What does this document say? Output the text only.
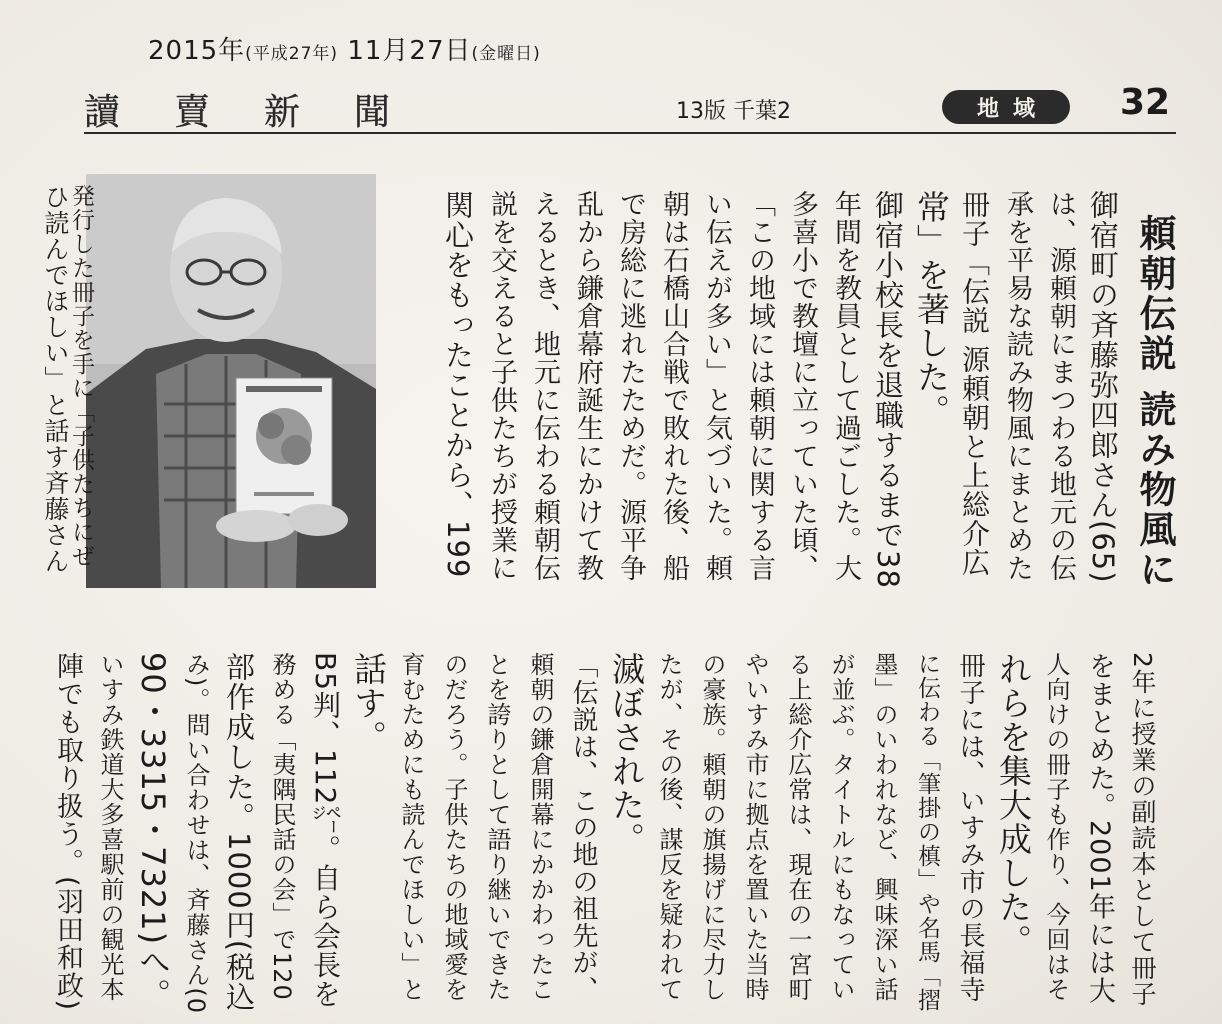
2015年(平成27年) 11月27日(金曜日)
讀賣新聞	13版 千葉2	地域 32
ひ読んでほしい」と話す斉藤さん
発行した冊子を手に「子供たちにぜ	頼朝伝説 読み物風に
御宿町の斉藤弥四郎さん(65)
は、源頼朝にまつわる地元の伝
承を平易な読み物風にまとめた
冊子「伝説 源頼朝と上総介広
常」を著した。
御宿小校長を退職するまで38
年間を教員として過ごした。大
多喜小で教壇に立っていた頃、
「この地域には頼朝に関する言
い伝えが多い」と気づいた。頼
朝は石橋山合戦で敗れた後、船
で房総に逃れたためだ。源平争
乱から鎌倉幕府誕生にかけて教
えるとき、地元に伝わる頼朝伝
説を交えると子供たちが授業に
関心をもったことから、199
2年に授業の副読本として冊子
をまとめた。2001年には大
人向けの冊子も作り、今回はそ
れらを集大成した。
冊子には、いすみ市の長福寺
に伝わる「筆掛の槙」や名馬「摺
墨」のいわれなど、興味深い話
が並ぶ。タイトルにもなってい
る上総介広常は、現在の一宮町
やいすみ市に拠点を置いた当時
の豪族。頼朝の旗揚げに尽力し
たが、その後、謀反を疑われて
滅ぼされた。
「伝説は、この地の祖先が、
頼朝の鎌倉開幕にかかわったこ
とを誇りとして語り継いできた
のだろう。子供たちの地域愛を
育むためにも読んでほしい」と
話す。
B5判、112㌻。自ら会長を
務める「夷隅民話の会」で120
部作成した。1000円(税込
み)。問い合わせは、斉藤さん(0
90・3315・7321)へ。
いすみ鉄道大多喜駅前の観光本
陣でも取り扱う。(羽田和政)
